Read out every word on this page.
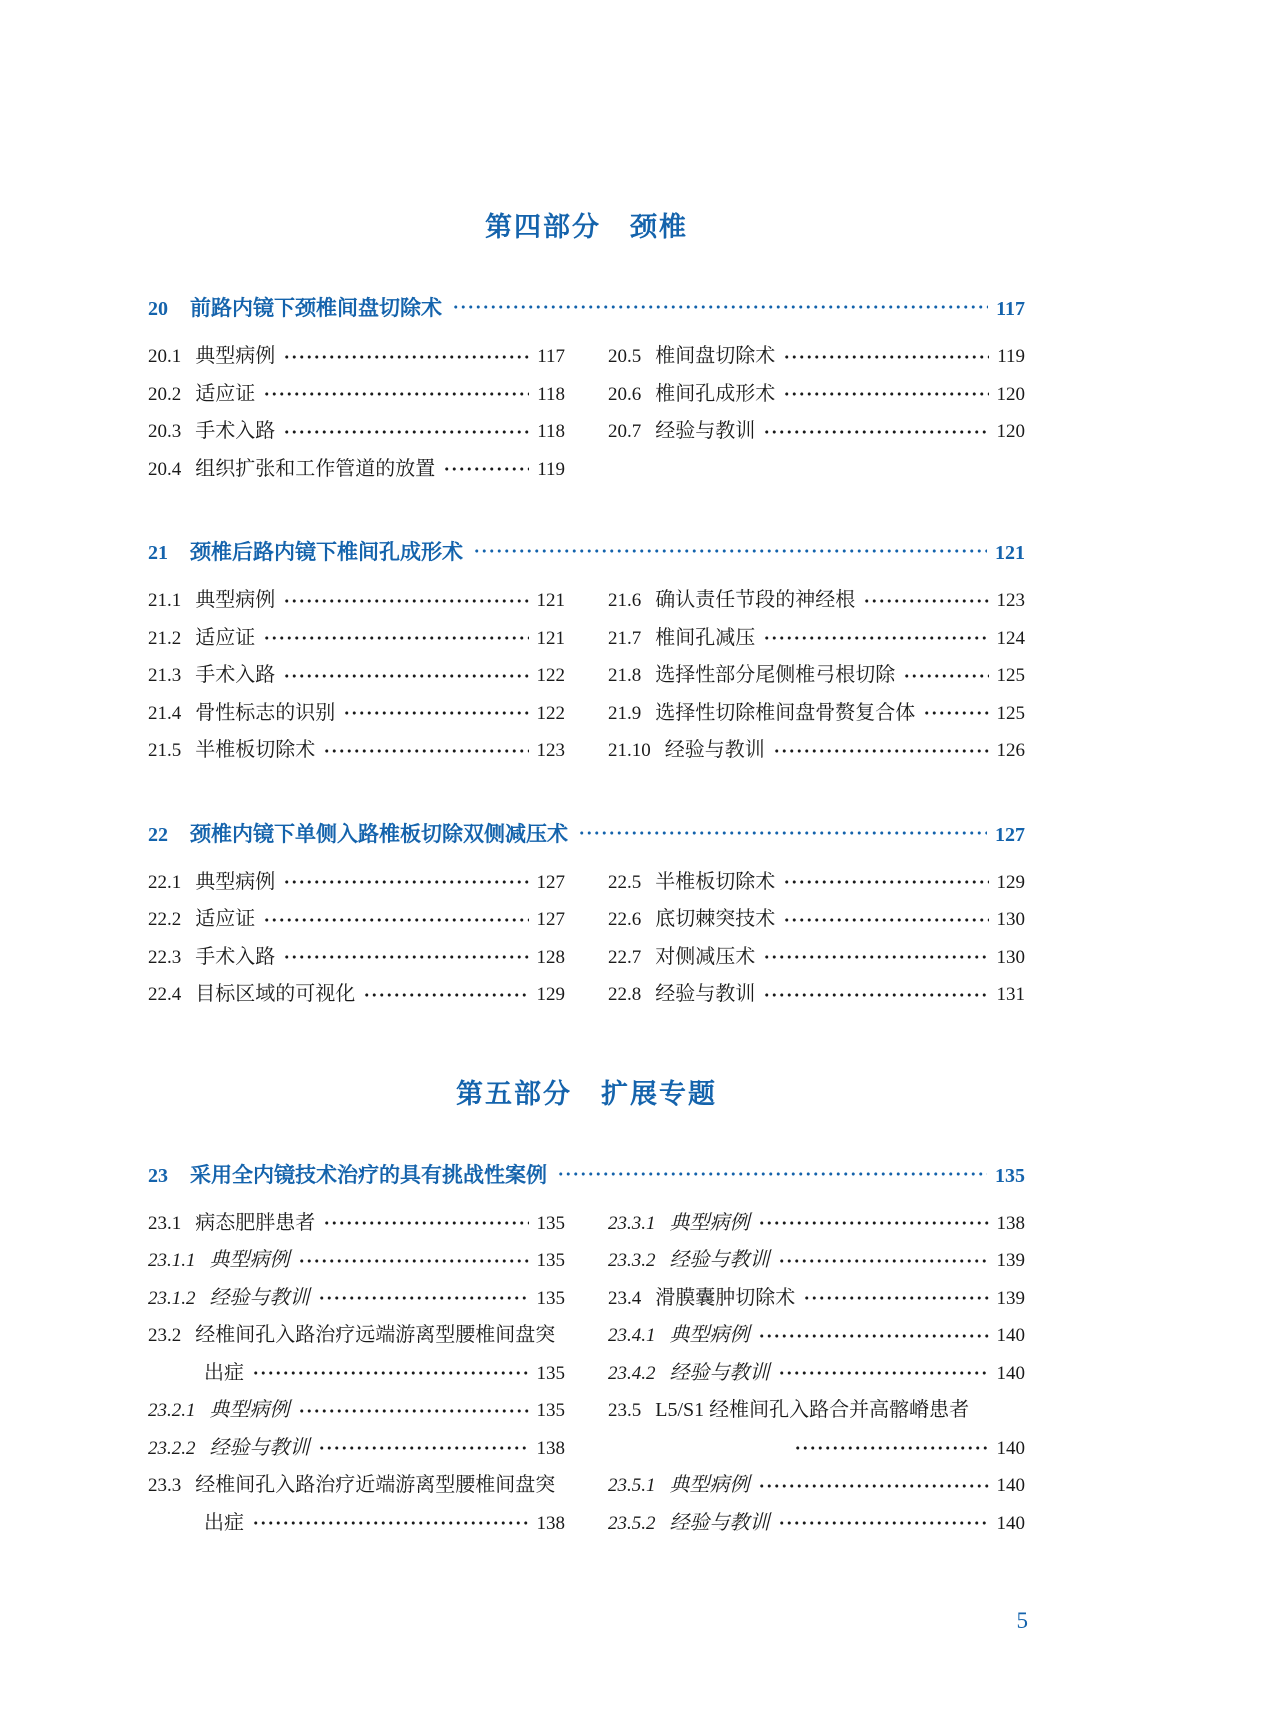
第四部分　颈椎
20 前路内镜下颈椎间盘切除术	117
20.1 典型病例	117
20.2 适应证	118
20.3 手术入路	118
20.4 组织扩张和工作管道的放置	119
20.5 椎间盘切除术	119
20.6 椎间孔成形术	120
20.7 经验与教训	120
21 颈椎后路内镜下椎间孔成形术	121
21.1 典型病例	121
21.2 适应证	121
21.3 手术入路	122
21.4 骨性标志的识别	122
21.5 半椎板切除术	123
21.6 确认责任节段的神经根	123
21.7 椎间孔减压	124
21.8 选择性部分尾侧椎弓根切除	125
21.9 选择性切除椎间盘骨赘复合体	125
21.10 经验与教训	126
22 颈椎内镜下单侧入路椎板切除双侧减压术	127
22.1 典型病例	127
22.2 适应证	127
22.3 手术入路	128
22.4 目标区域的可视化	129
22.5 半椎板切除术	129
22.6 底切棘突技术	130
22.7 对侧减压术	130
22.8 经验与教训	131
第五部分　扩展专题
23 采用全内镜技术治疗的具有挑战性案例	135
23.1 病态肥胖患者	135
23.1.1 典型病例	135
23.1.2 经验与教训	135
23.2 经椎间孔入路治疗远端游离型腰椎间盘突
出症	135
23.2.1 典型病例	135
23.2.2 经验与教训	138
23.3 经椎间孔入路治疗近端游离型腰椎间盘突
出症	138
23.3.1 典型病例	138
23.3.2 经验与教训	139
23.4 滑膜囊肿切除术	139
23.4.1 典型病例	140
23.4.2 经验与教训	140
23.5 L5/S1 经椎间孔入路合并高髂嵴患者
140
23.5.1 典型病例	140
23.5.2 经验与教训	140
5
